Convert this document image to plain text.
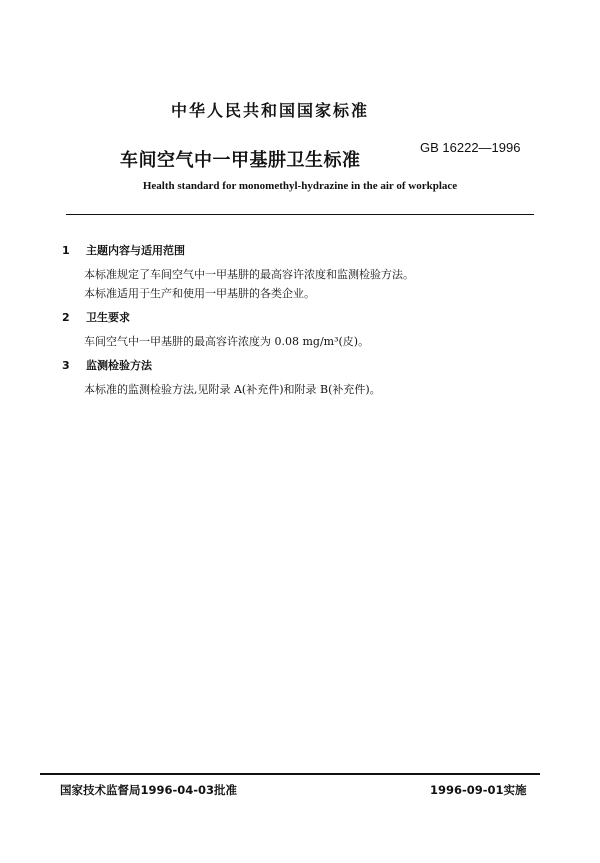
中华人民共和国国家标准
GB 16222—1996
车间空气中一甲基肼卫生标准
Health standard for monomethyl-hydrazine in the air of workplace
1 主题内容与适用范围
本标准规定了车间空气中一甲基肼的最高容许浓度和监测检验方法。
本标准适用于生产和使用一甲基肼的各类企业。
2 卫生要求
车间空气中一甲基肼的最高容许浓度为 0.08 mg/m³(皮)。
3 监测检验方法
本标准的监测检验方法,见附录 A(补充件)和附录 B(补充件)。
国家技术监督局1996-04-03批准	1996-09-01实施
